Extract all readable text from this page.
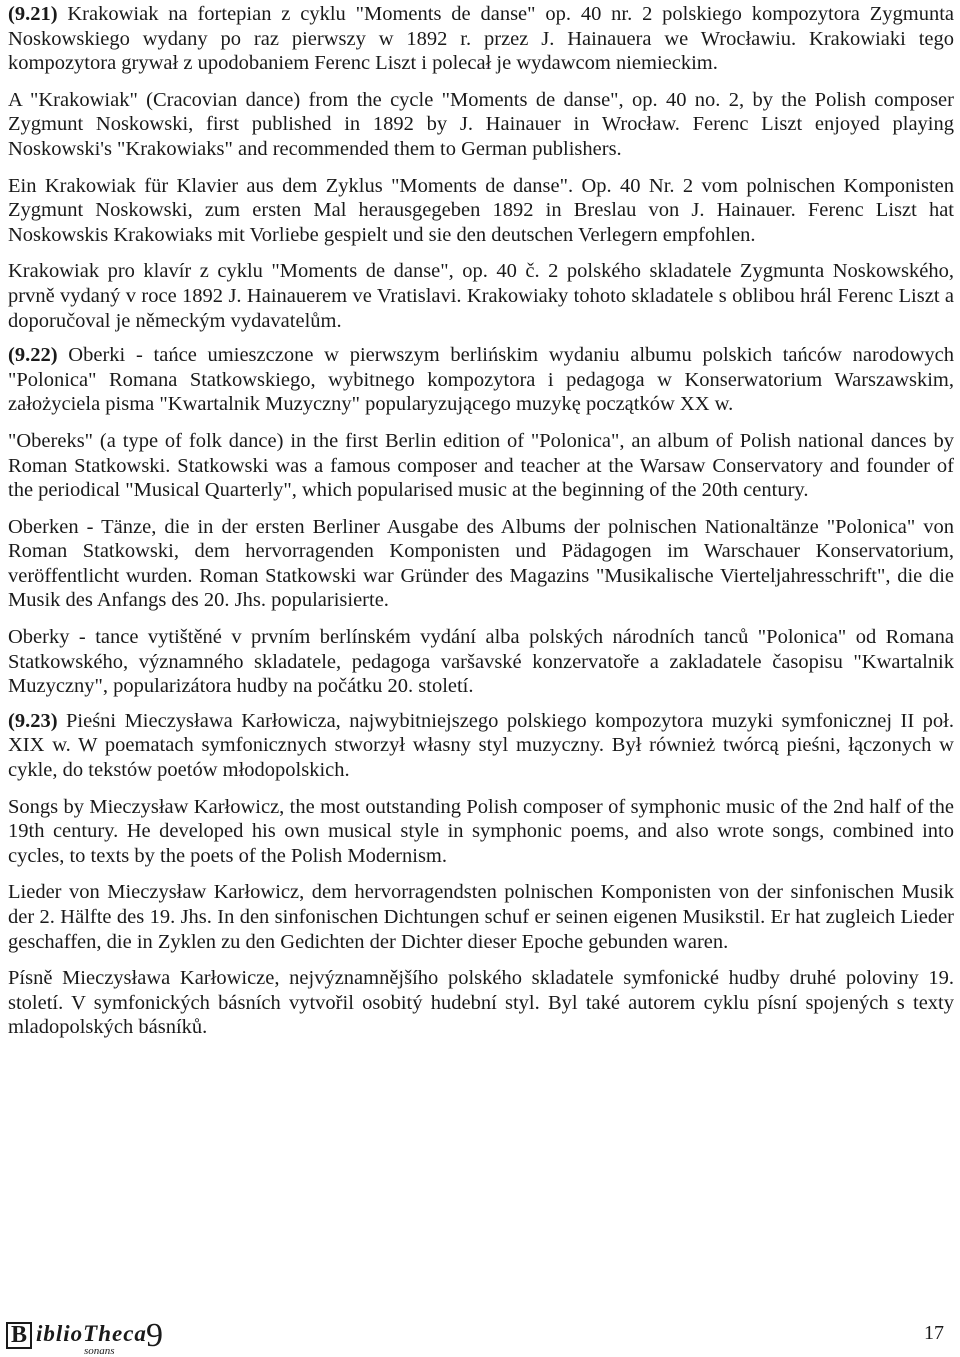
(9.21) Krakowiak na fortepian z cyklu "Moments de danse" op. 40 nr. 2 polskiego kompozytora Zygmunta Noskowskiego wydany po raz pierwszy w 1892 r. przez J. Hainauera we Wrocławiu. Krakowiaki tego kompozytora grywał z upodobaniem Ferenc Liszt i polecał je wydawcom niemieckim.

A "Krakowiak" (Cracovian dance) from the cycle "Moments de danse", op. 40 no. 2, by the Polish composer Zygmunt Noskowski, first published in 1892 by J. Hainauer in Wrocław. Ferenc Liszt enjoyed playing Noskowski's "Krakowiaks" and recommended them to German publishers.

Ein Krakowiak für Klavier aus dem Zyklus "Moments de danse". Op. 40 Nr. 2 vom polnischen Komponisten Zygmunt Noskowski, zum ersten Mal herausgegeben 1892 in Breslau von J. Hainauer. Ferenc Liszt hat Noskowskis Krakowiaks mit Vorliebe gespielt und sie den deutschen Verlegern empfohlen.

Krakowiak pro klavír z cyklu "Moments de danse", op. 40 č. 2 polského skladatele Zygmunta Noskowského, prvně vydaný v roce 1892 J. Hainauerem ve Vratislavi. Krakowiaky tohoto skladatele s oblibou hrál Ferenc Liszt a doporučoval je německým vydavatelům.

(9.22) Oberki - tańce umieszczone w pierwszym berlińskim wydaniu albumu polskich tańców narodowych "Polonica" Romana Statkowskiego, wybitnego kompozytora i pedagoga w Konserwatorium Warszawskim, założyciela pisma "Kwartalnik Muzyczny" popularyzującego muzykę początków XX w.

"Obereks" (a type of folk dance) in the first Berlin edition of "Polonica", an album of Polish national dances by Roman Statkowski. Statkowski was a famous composer and teacher at the Warsaw Conservatory and founder of the periodical "Musical Quarterly", which popularised music at the beginning of the 20th century.

Oberken - Tänze, die in der ersten Berliner Ausgabe des Albums der polnischen Nationaltänze "Polonica" von Roman Statkowski, dem hervorragenden Komponisten und Pädagogen im Warschauer Konservatorium, veröffentlicht wurden. Roman Statkowski war Gründer des Magazins "Musikalische Vierteljahresschrift", die die Musik des Anfangs des 20. Jhs. popularisierte.

Oberky - tance vytištěné v prvním berlínském vydání alba polských národních tanců "Polonica" od Romana Statkowského, významného skladatele, pedagoga varšavské konzervatoře a zakladatele časopisu "Kwartalnik Muzyczny", popularizátora hudby na počátku 20. století.

(9.23) Pieśni Mieczysława Karłowicza, najwybitniejszego polskiego kompozytora muzyki symfonicznej II poł. XIX w. W poematach symfonicznych stworzył własny styl muzyczny. Był również twórcą pieśni, łączonych w cykle, do tekstów poetów młodopolskich.

Songs by Mieczysław Karłowicz, the most outstanding Polish composer of symphonic music of the 2nd half of the 19th century. He developed his own musical style in symphonic poems, and also wrote songs, combined into cycles, to texts by the poets of the Polish Modernism.

Lieder von Mieczysław Karłowicz, dem hervorragendsten polnischen Komponisten von der sinfonischen Musik der 2. Hälfte des 19. Jhs. In den sinfonischen Dichtungen schuf er seinen eigenen Musikstil. Er hat zugleich Lieder geschaffen, die in Zyklen zu den Gedichten der Dichter dieser Epoche gebunden waren.

Písně Mieczysława Karłowicze, nejvýznamnějšího polského skladatele symfonické hudby druhé poloviny 19. století. V symfonických básních vytvořil osobitý hudební styl. Byl také autorem cyklu písní spojených s texty mladopolských básníků.

B iblioTheca
sonans 9	17
